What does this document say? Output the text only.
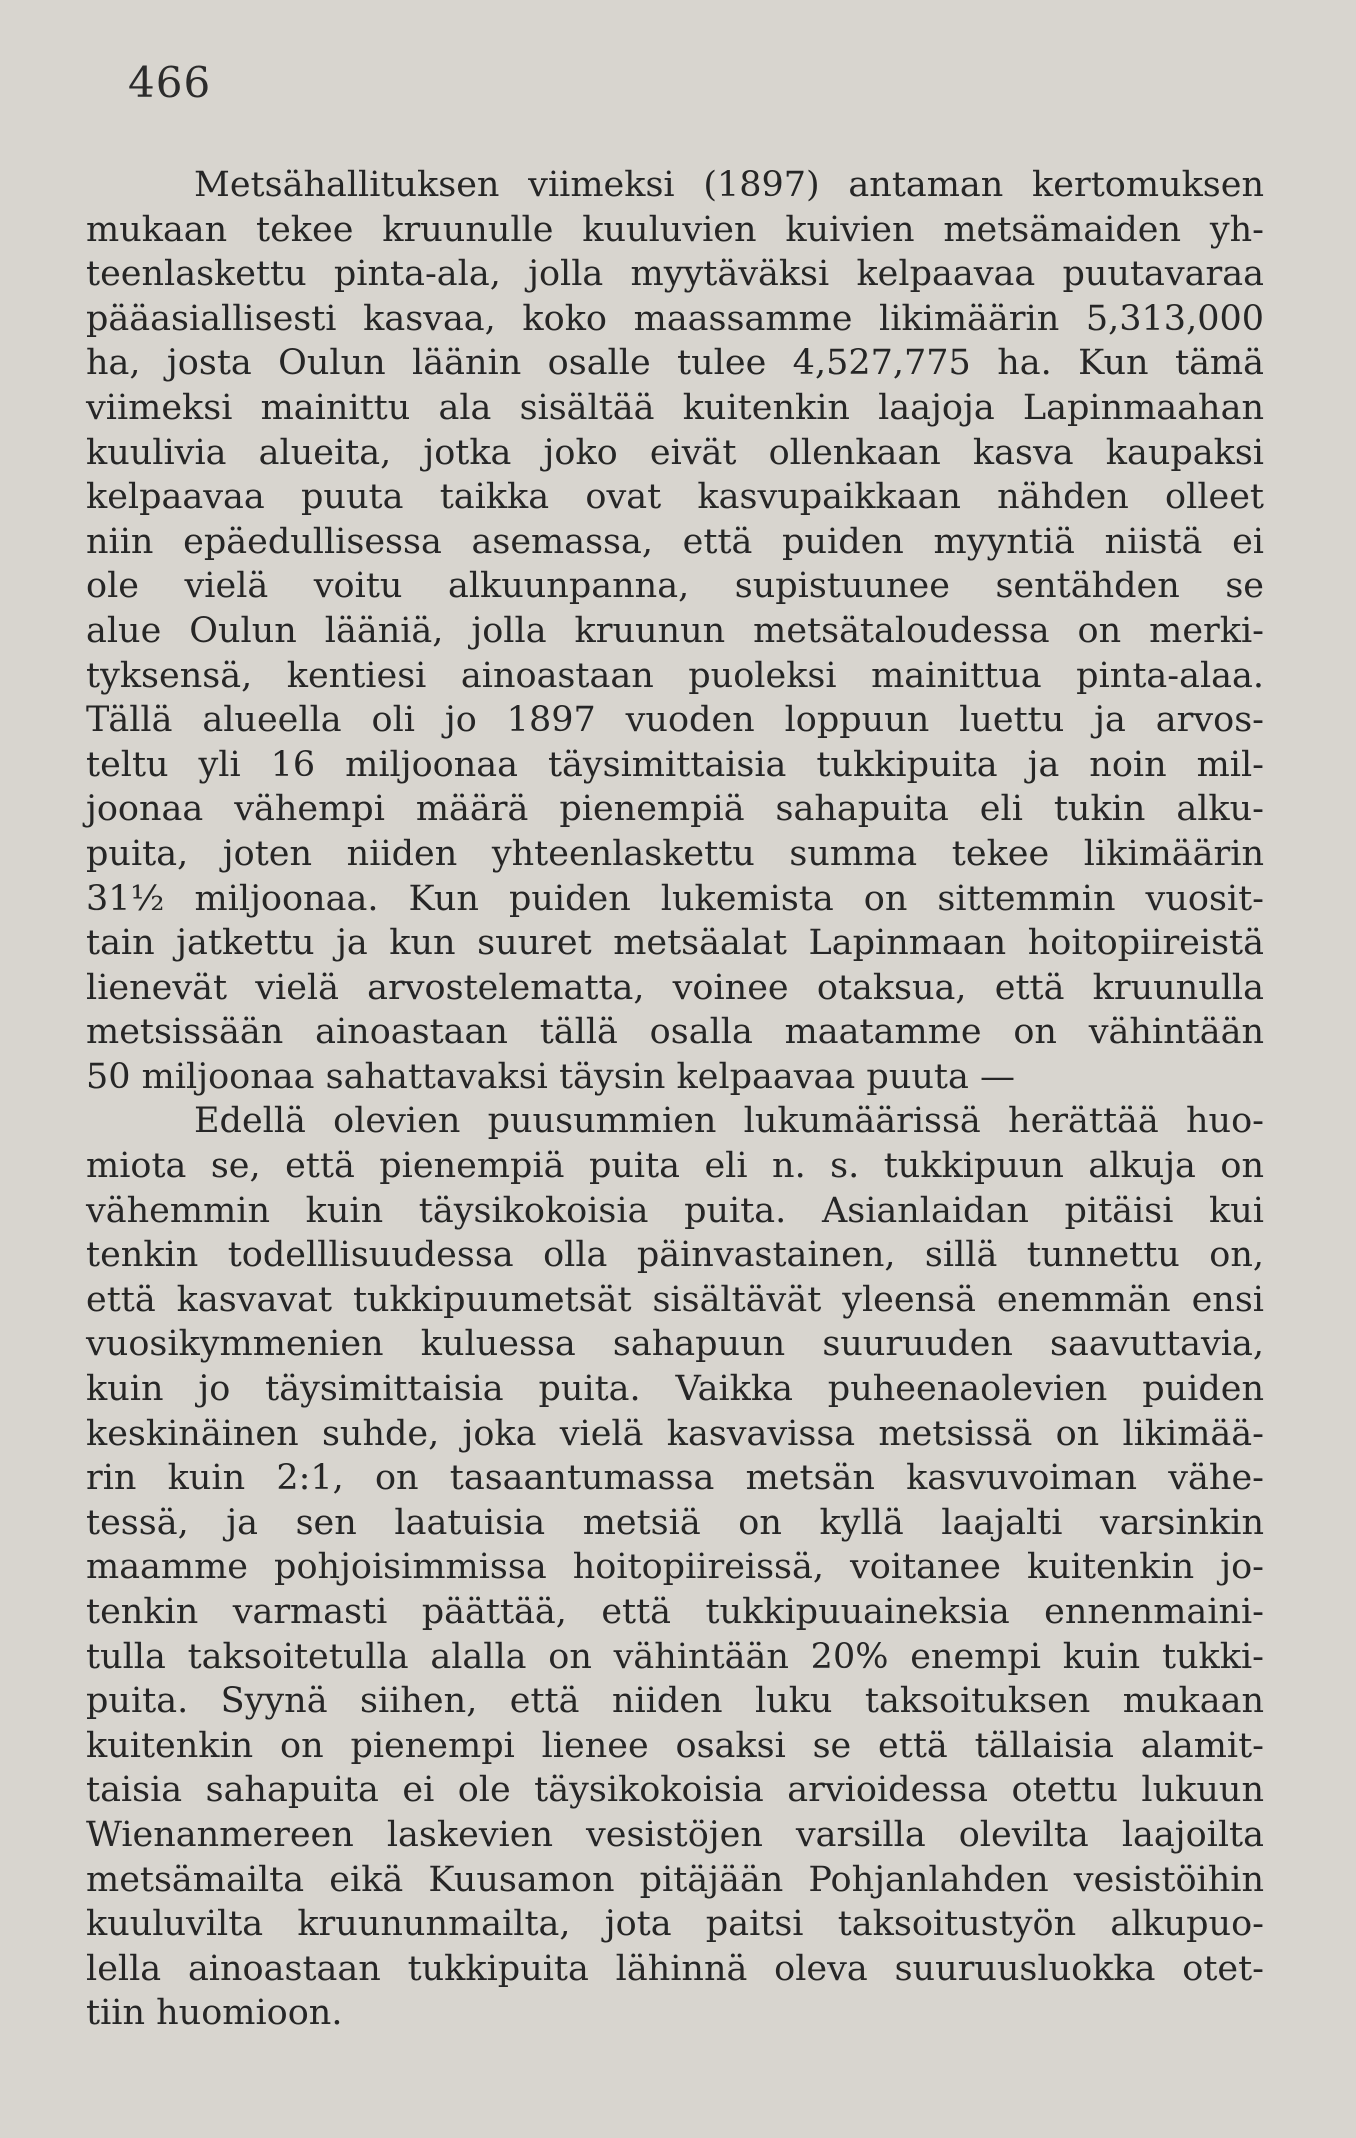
466
Metsähallituksen viimeksi (1897) antaman kertomuksen
mukaan tekee kruunulle kuuluvien kuivien metsämaiden yh-
teenlaskettu pinta-ala, jolla myytäväksi kelpaavaa puutavaraa
pääasiallisesti kasvaa, koko maassamme likimäärin 5,313,000
ha, josta Oulun läänin osalle tulee 4,527,775 ha. Kun tämä
viimeksi mainittu ala sisältää kuitenkin laajoja Lapinmaahan
kuulivia alueita, jotka joko eivät ollenkaan kasva kaupaksi
kelpaavaa puuta taikka ovat kasvupaikkaan nähden olleet
niin epäedullisessa asemassa, että puiden myyntiä niistä ei
ole vielä voitu alkuunpanna, supistuunee sentähden se
alue Oulun lääniä, jolla kruunun metsätaloudessa on merki-
tyksensä, kentiesi ainoastaan puoleksi mainittua pinta-alaa.
Tällä alueella oli jo 1897 vuoden loppuun luettu ja arvos-
teltu yli 16 miljoonaa täysimittaisia tukkipuita ja noin mil-
joonaa vähempi määrä pienempiä sahapuita eli tukin alku-
puita, joten niiden yhteenlaskettu summa tekee likimäärin
31½ miljoonaa. Kun puiden lukemista on sittemmin vuosit-
tain jatkettu ja kun suuret metsäalat Lapinmaan hoitopiireistä
lienevät vielä arvostelematta, voinee otaksua, että kruunulla
metsissään ainoastaan tällä osalla maatamme on vähintään
50 miljoonaa sahattavaksi täysin kelpaavaa puuta —
Edellä olevien puusummien lukumäärissä herättää huo-
miota se, että pienempiä puita eli n. s. tukkipuun alkuja on
vähemmin kuin täysikokoisia puita. Asianlaidan pitäisi kui
tenkin todelllisuudessa olla päinvastainen, sillä tunnettu on,
että kasvavat tukkipuumetsät sisältävät yleensä enemmän ensi
vuosikymmenien kuluessa sahapuun suuruuden saavuttavia,
kuin jo täysimittaisia puita. Vaikka puheenaolevien puiden
keskinäinen suhde, joka vielä kasvavissa metsissä on likimää-
rin kuin 2:1, on tasaantumassa metsän kasvuvoiman vähe-
tessä, ja sen laatuisia metsiä on kyllä laajalti varsinkin
maamme pohjoisimmissa hoitopiireissä, voitanee kuitenkin jo-
tenkin varmasti päättää, että tukkipuuaineksia ennenmaini-
tulla taksoitetulla alalla on vähintään 20% enempi kuin tukki-
puita. Syynä siihen, että niiden luku taksoituksen mukaan
kuitenkin on pienempi lienee osaksi se että tällaisia alamit-
taisia sahapuita ei ole täysikokoisia arvioidessa otettu lukuun
Wienanmereen laskevien vesistöjen varsilla olevilta laajoilta
metsämailta eikä Kuusamon pitäjään Pohjanlahden vesistöihin
kuuluvilta kruununmailta, jota paitsi taksoitustyön alkupuo-
lella ainoastaan tukkipuita lähinnä oleva suuruusluokka otet-
tiin huomioon.
